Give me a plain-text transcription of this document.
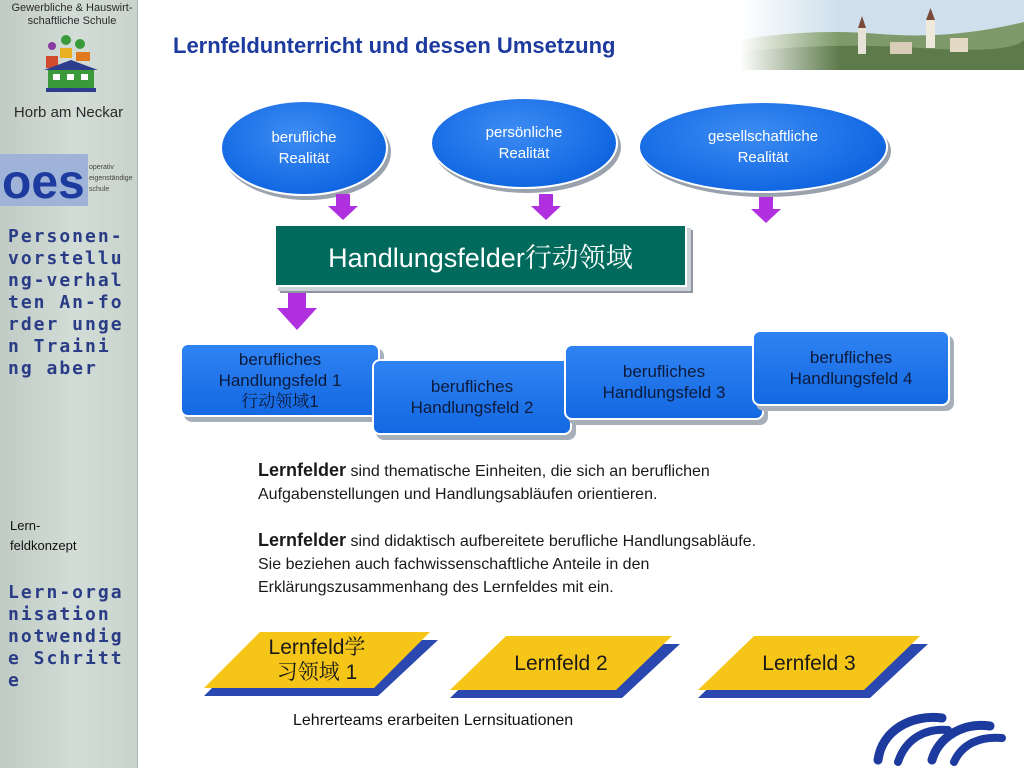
Gewerbliche & Hauswirt-
schaftliche Schule
Horb am Neckar
oes operativ
eigenständige
schule

Personen-vorstellung-verhalten An-forder ungen Traini ng aber

Lern-
feldkonzept

Lern-organisation notwendige Schritte

Lernfeldunterricht und dessen Umsetzung
berufliche
Realität
persönliche
Realität
gesellschaftliche
Realität
Handlungsfelder行动领域
berufliches
Handlungsfeld 1
行动领域1
berufliches
Handlungsfeld 2
berufliches
Handlungsfeld 3
berufliches
Handlungsfeld 4
Lernfelder sind thematische Einheiten, die sich an beruflichen
Aufgabenstellungen und Handlungsabläufen orientieren.
Lernfelder sind didaktisch aufbereitete berufliche Handlungsabläufe.
Sie beziehen auch fachwissenschaftliche Anteile in den
Erklärungszusammenhang des Lernfeldes mit ein.
Lernfeld学
习领域 1	Lernfeld 2	Lernfeld 3

Lehrerteams erarbeiten Lernsituationen
